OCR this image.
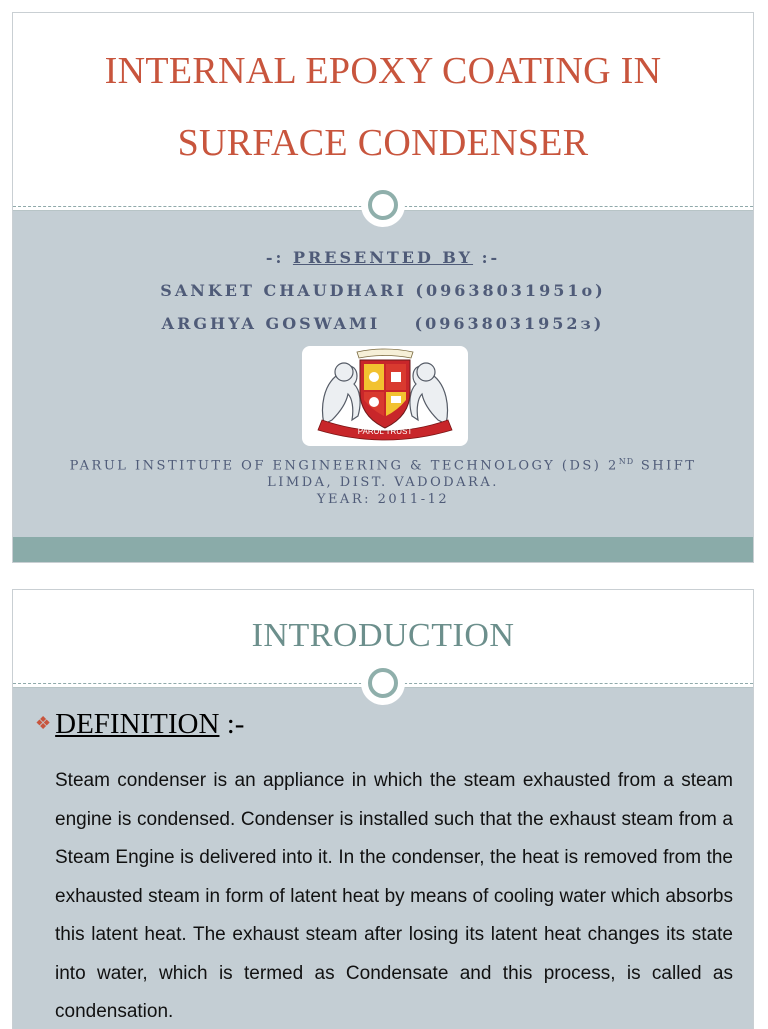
INTERNAL EPOXY COATING IN
SURFACE CONDENSER
-: PRESENTED BY :-
SANKET CHAUDHARI (09638031951o)
ARGHYA GOSWAMI    (09638031952з)
PARUL TRUST
PARUL INSTITUTE OF ENGINEERING & TECHNOLOGY (DS) 2ND SHIFT
LIMDA, DIST. VADODARA.
YEAR: 2011-12
INTRODUCTION
❖ DEFINITION :-
Steam condenser is an appliance in which the steam exhausted from a steam engine is condensed. Condenser is installed such that the exhaust steam from a Steam Engine is delivered into it. In the condenser, the heat is removed from the exhausted steam in form of latent heat by means of cooling water which absorbs this latent heat. The exhaust steam after losing its latent heat changes its state into water, which is termed as Condensate and this process, is called as condensation.
